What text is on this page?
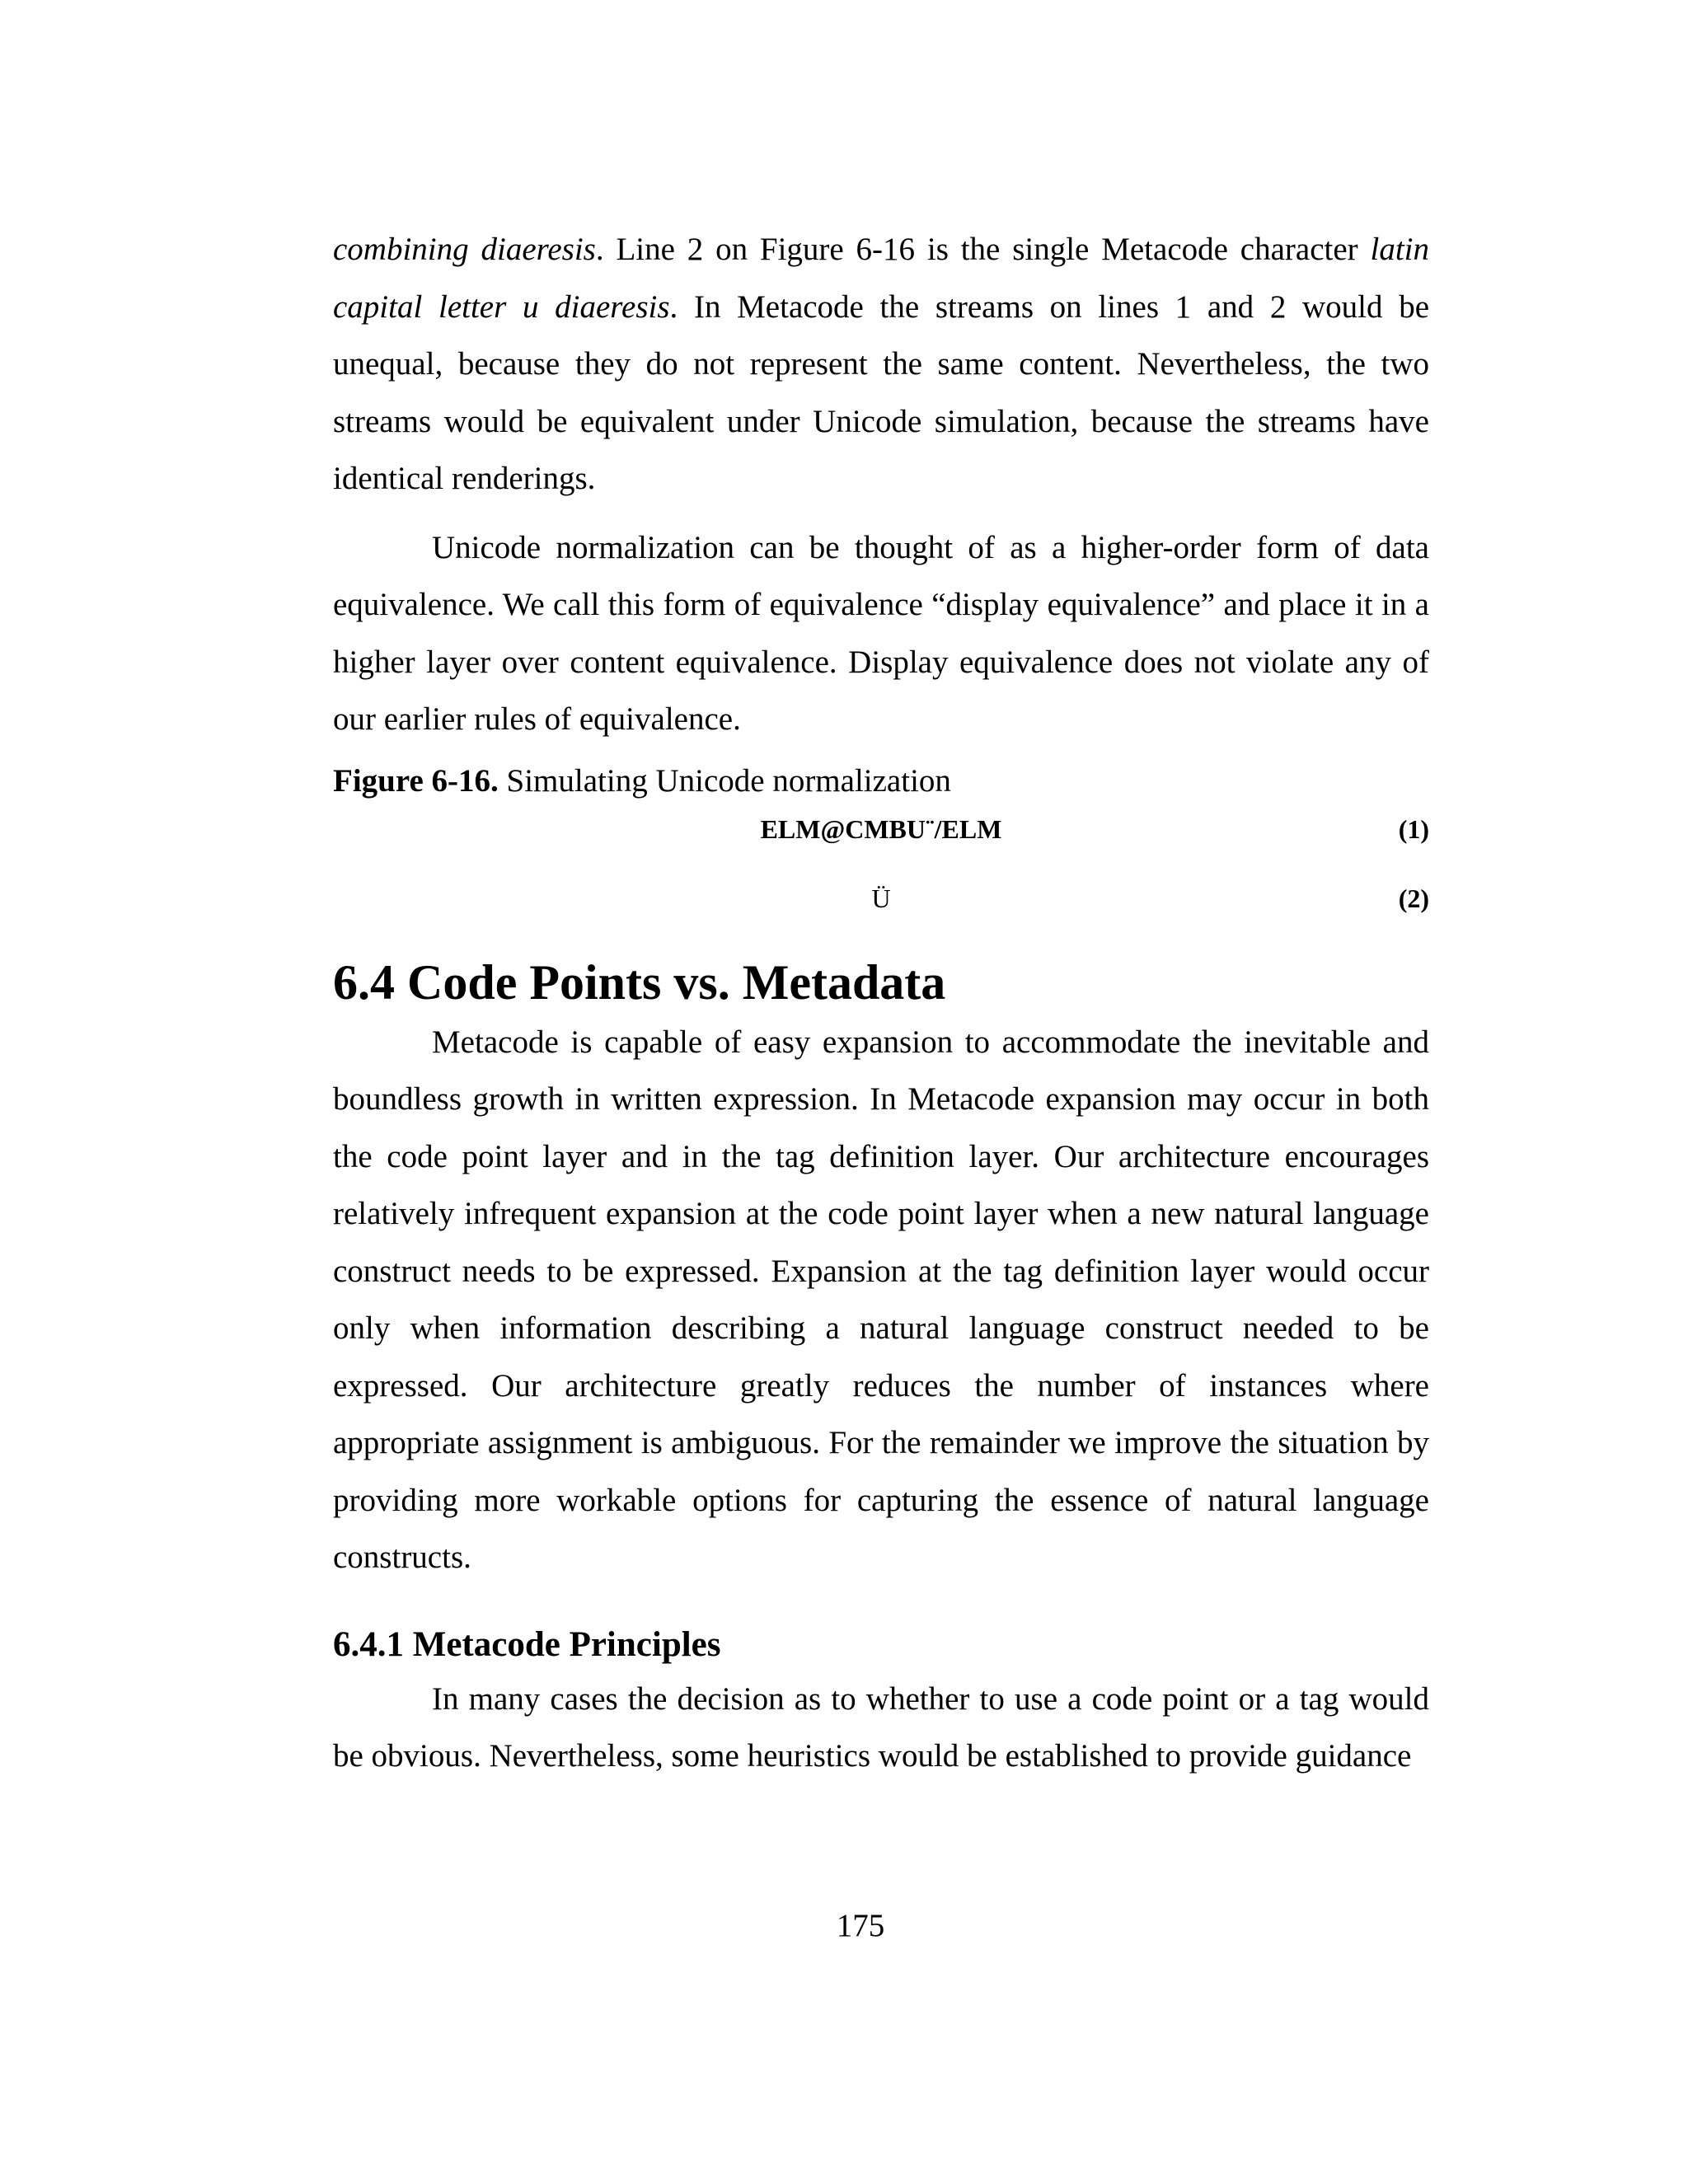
combining diaeresis. Line 2 on Figure 6-16 is the single Metacode character latin capital letter u diaeresis. In Metacode the streams on lines 1 and 2 would be unequal, because they do not represent the same content. Nevertheless, the two streams would be equivalent under Unicode simulation, because the streams have identical renderings.

Unicode normalization can be thought of as a higher-order form of data equivalence. We call this form of equivalence “display equivalence” and place it in a higher layer over content equivalence. Display equivalence does not violate any of our earlier rules of equivalence.

Figure 6-16. Simulating Unicode normalization
ELM@CMBU¨/ELM	(1)
Ü	(2)
6.4 Code Points vs. Metadata

Metacode is capable of easy expansion to accommodate the inevitable and boundless growth in written expression. In Metacode expansion may occur in both the code point layer and in the tag definition layer. Our architecture encourages relatively infrequent expansion at the code point layer when a new natural language construct needs to be expressed. Expansion at the tag definition layer would occur only when information describing a natural language construct needed to be expressed. Our architecture greatly reduces the number of instances where appropriate assignment is ambiguous. For the remainder we improve the situation by providing more workable options for capturing the essence of natural language constructs.

6.4.1 Metacode Principles

In many cases the decision as to whether to use a code point or a tag would be obvious. Nevertheless, some heuristics would be established to provide guidance

175
